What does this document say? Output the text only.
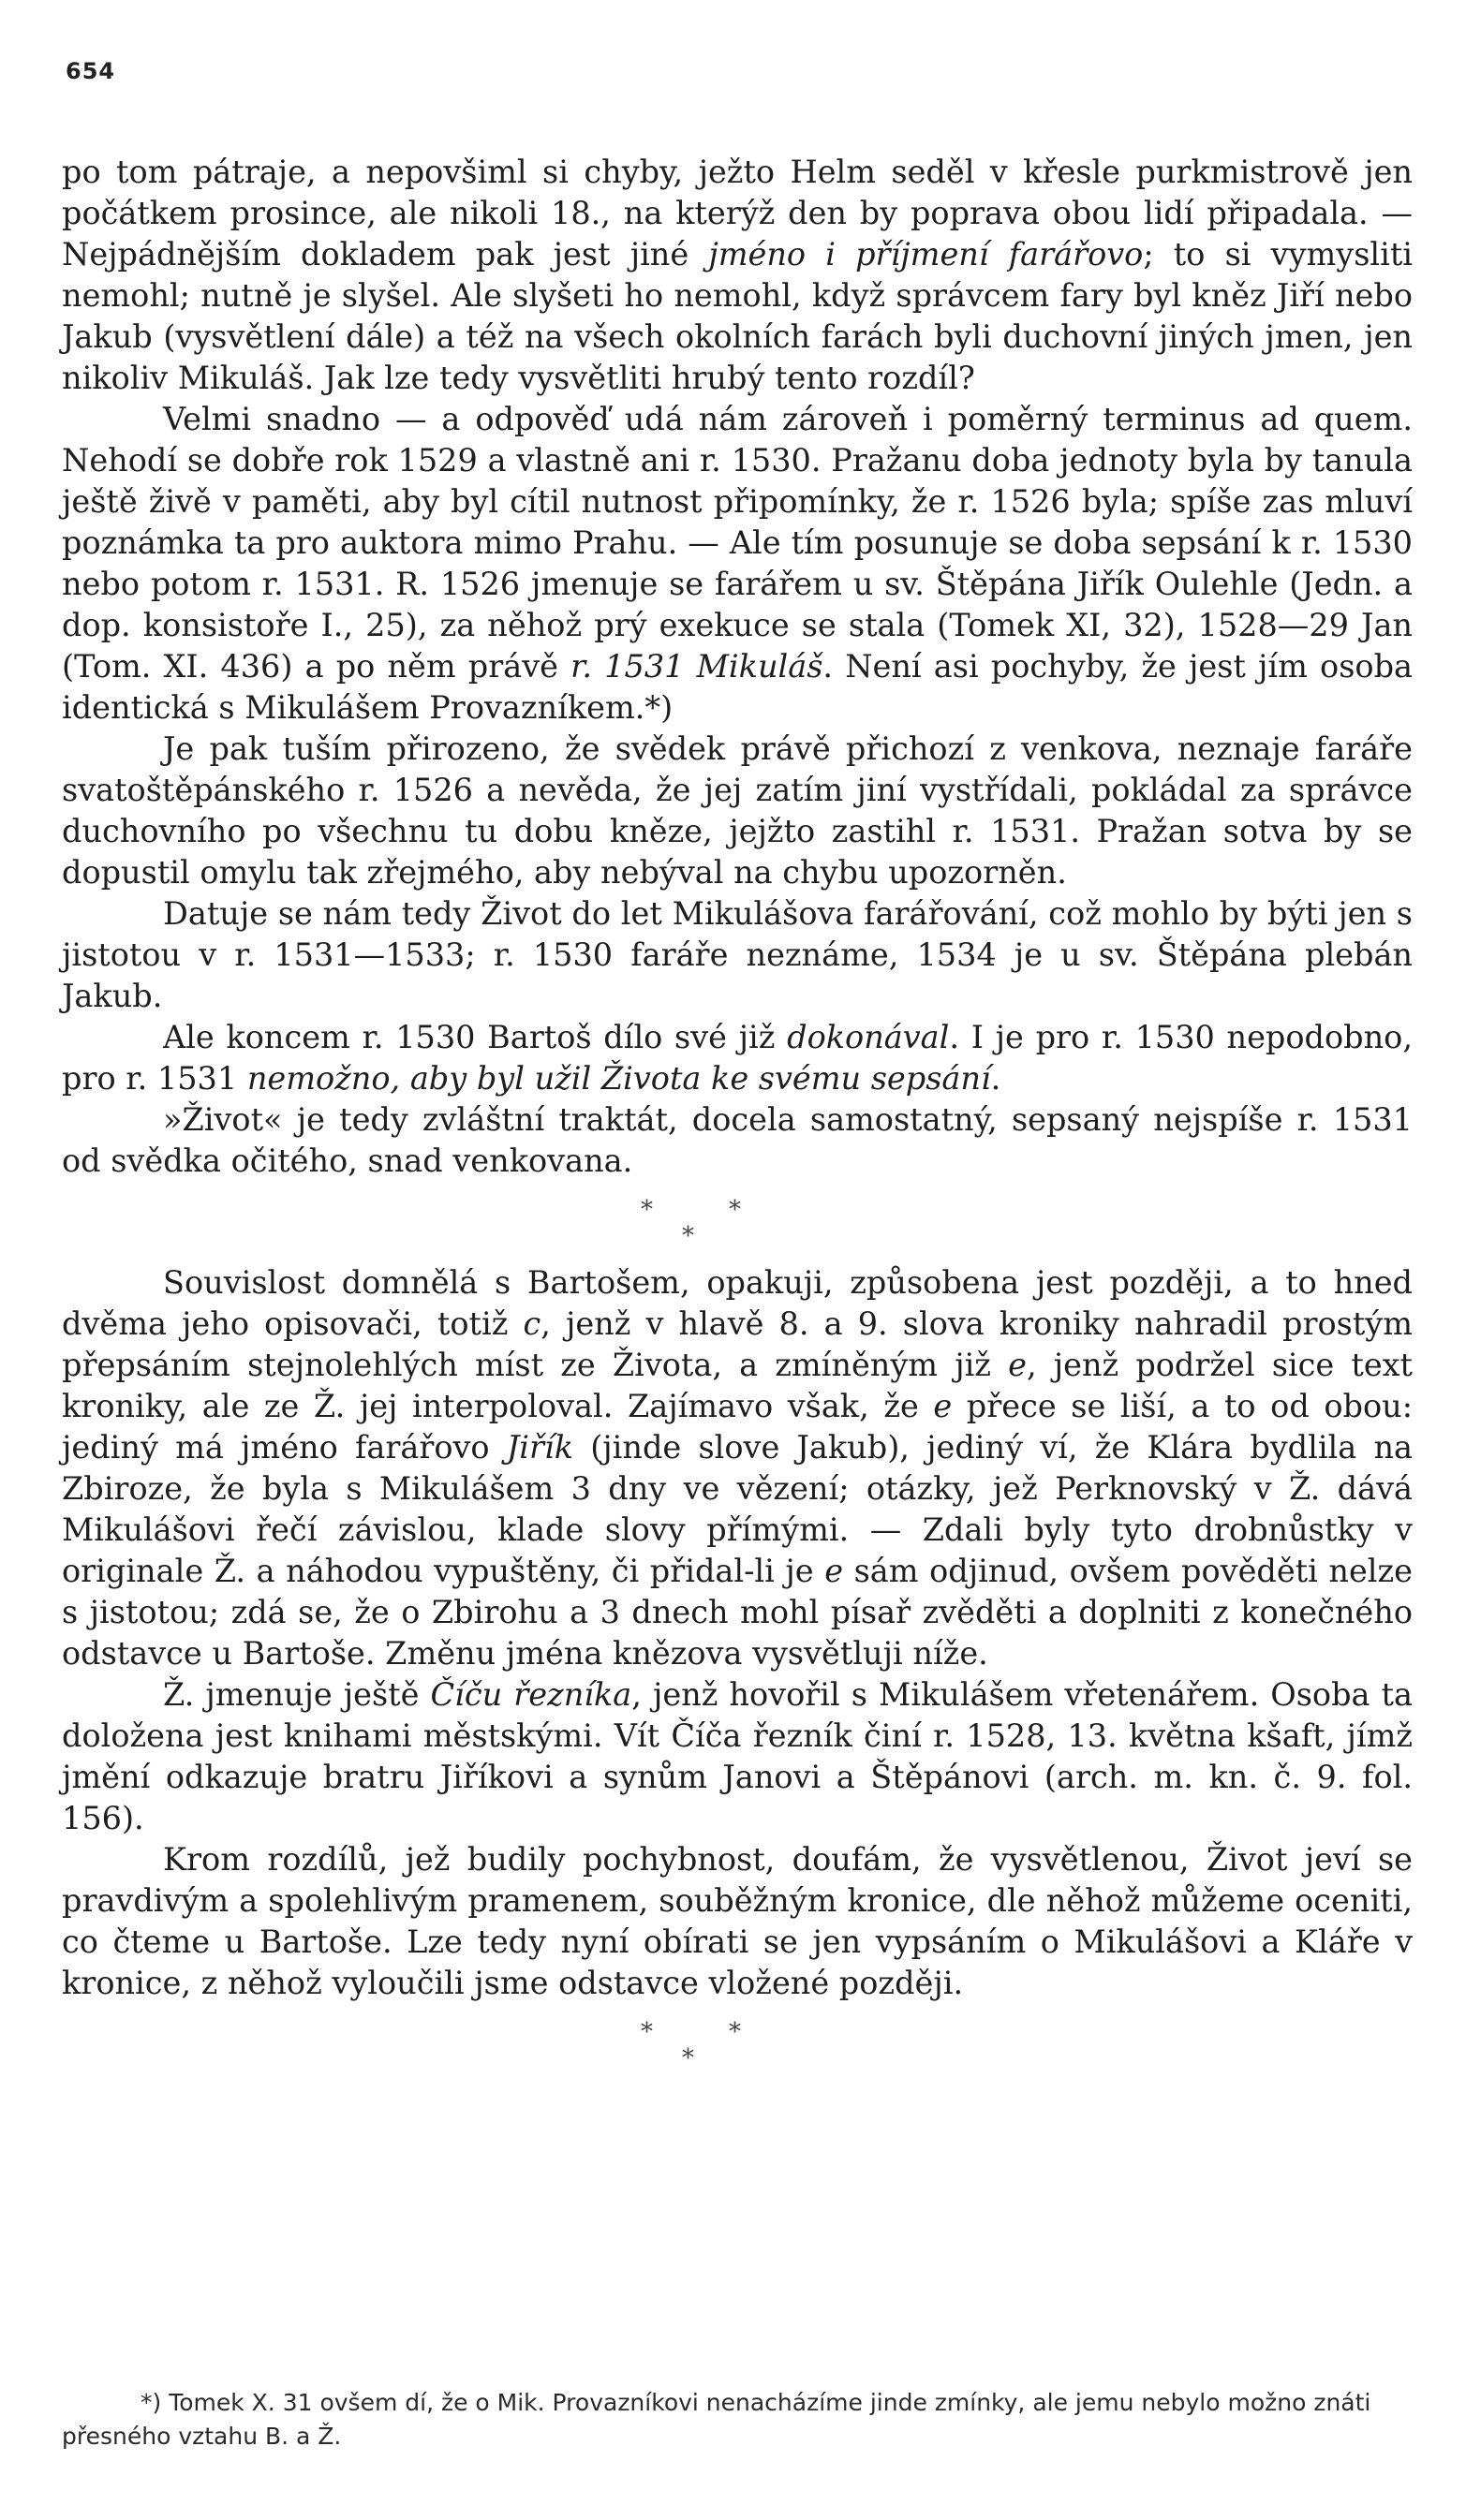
654

po tom pátraje, a nepovšiml si chyby, ježto Helm seděl v křesle purkmistrově jen počátkem prosince, ale nikoli 18., na kterýž den by poprava obou lidí připadala. — Nejpádnějším dokladem pak jest jiné jméno i příjmení farářovo; to si vymysliti nemohl; nutně je slyšel. Ale slyšeti ho nemohl, když správcem fary byl kněz Jiří nebo Jakub (vysvětlení dále) a též na všech okolních farách byli duchovní jiných jmen, jen nikoliv Mikuláš. Jak lze tedy vysvětliti hrubý tento rozdíl?

Velmi snadno — a odpověď udá nám zároveň i poměrný terminus ad quem. Nehodí se dobře rok 1529 a vlastně ani r. 1530. Pražanu doba jednoty byla by tanula ještě živě v paměti, aby byl cítil nutnost připomínky, že r. 1526 byla; spíše zas mluví poznámka ta pro auktora mimo Prahu. — Ale tím posunuje se doba sepsání k r. 1530 nebo potom r. 1531. R. 1526 jmenuje se farářem u sv. Štěpána Jiřík Oulehle (Jedn. a dop. konsistoře I., 25), za něhož prý exekuce se stala (Tomek XI, 32), 1528—29 Jan (Tom. XI. 436) a po něm právě r. 1531 Mikuláš. Není asi pochyby, že jest jím osoba identická s Mikulášem Provazníkem.*)

Je pak tuším přirozeno, že svědek právě přichozí z venkova, neznaje faráře svatoštěpánského r. 1526 a nevěda, že jej zatím jiní vystřídali, pokládal za správce duchovního po všechnu tu dobu kněze, jejžto zastihl r. 1531. Pražan sotva by se dopustil omylu tak zřejmého, aby nebýval na chybu upozorněn.

Datuje se nám tedy Život do let Mikulášova farářování, což mohlo by býti jen s jistotou v r. 1531—1533; r. 1530 faráře neznáme, 1534 je u sv. Štěpána plebán Jakub.

Ale koncem r. 1530 Bartoš dílo své již dokonával. I je pro r. 1530 nepodobno, pro r. 1531 nemožno, aby byl užil Života ke svému sepsání.

»Život« je tedy zvláštní traktát, docela samostatný, sepsaný nejspíše r. 1531 od svědka očitého, snad venkovana.

*	*
*

Souvislost domnělá s Bartošem, opakuji, způsobena jest později, a to hned dvěma jeho opisovači, totiž c, jenž v hlavě 8. a 9. slova kroniky nahradil prostým přepsáním stejnolehlých míst ze Života, a zmíněným již e, jenž podržel sice text kroniky, ale ze Ž. jej interpoloval. Zajímavo však, že e přece se liší, a to od obou: jediný má jméno farářovo Jiřík (jinde slove Jakub), jediný ví, že Klára bydlila na Zbiroze, že byla s Mikulášem 3 dny ve vězení; otázky, jež Perknovský v Ž. dává Mikulášovi řečí závislou, klade slovy přímými. — Zdali byly tyto drobnůstky v originale Ž. a náhodou vypuštěny, či přidal-li je e sám odjinud, ovšem pověděti nelze s jistotou; zdá se, že o Zbirohu a 3 dnech mohl písař zvěděti a doplniti z konečného odstavce u Bartoše. Změnu jména knězova vysvětluji níže.

Ž. jmenuje ještě Číču řezníka, jenž hovořil s Mikulášem vřetenářem. Osoba ta doložena jest knihami městskými. Vít Číča řezník činí r. 1528, 13. května kšaft, jímž jmění odkazuje bratru Jiříkovi a synům Janovi a Štěpánovi (arch. m. kn. č. 9. fol. 156).

Krom rozdílů, jež budily pochybnost, doufám, že vysvětlenou, Život jeví se pravdivým a spolehlivým pramenem, souběžným kronice, dle něhož můžeme oceniti, co čteme u Bartoše. Lze tedy nyní obírati se jen vypsáním o Mikulášovi a Kláře v kronice, z něhož vyloučili jsme odstavce vložené později.

*	*
*

*) Tomek X. 31 ovšem dí, že o Mik. Provazníkovi nenacházíme jinde zmínky, ale jemu nebylo možno znáti přesného vztahu B. a Ž.
